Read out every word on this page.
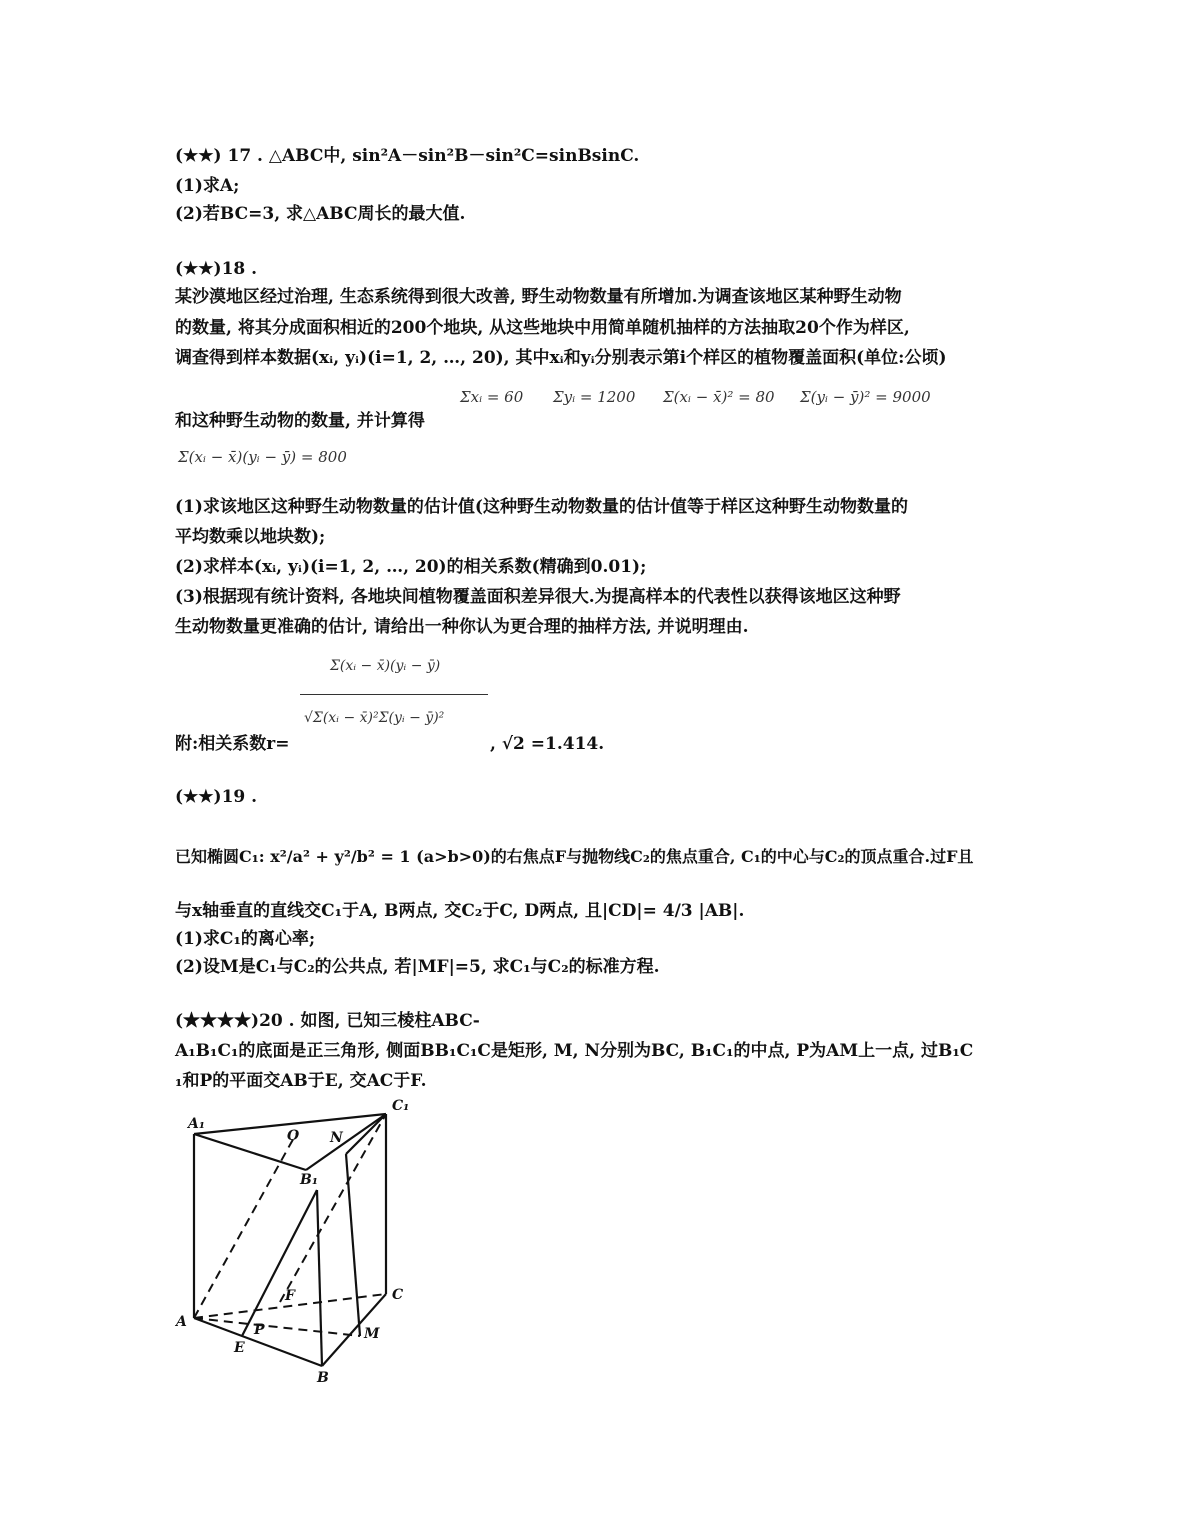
(★★) 17 . △ABC中, sin²A－sin²B－sin²C=sinBsinC.
(1)求A;
(2)若BC=3, 求△ABC周长的最大值.
(★★)18 .
某沙漠地区经过治理, 生态系统得到很大改善, 野生动物数量有所增加.为调查该地区某种野生动物
的数量, 将其分成面积相近的200个地块, 从这些地块中用简单随机抽样的方法抽取20个作为样区,
调查得到样本数据(xᵢ, yᵢ)(i=1, 2, …, 20), 其中xᵢ和yᵢ分别表示第i个样区的植物覆盖面积(单位:公顷)
和这种野生动物的数量, 并计算得
Σxᵢ = 60 Σyᵢ = 1200 Σ(xᵢ − x̄)² = 80 Σ(yᵢ − ȳ)² = 9000
Σ(xᵢ − x̄)(yᵢ − ȳ) = 800
(1)求该地区这种野生动物数量的估计值(这种野生动物数量的估计值等于样区这种野生动物数量的
平均数乘以地块数);
(2)求样本(xᵢ, yᵢ)(i=1, 2, …, 20)的相关系数(精确到0.01);
(3)根据现有统计资料, 各地块间植物覆盖面积差异很大.为提高样本的代表性以获得该地区这种野
生动物数量更准确的估计, 请给出一种你认为更合理的抽样方法, 并说明理由.
Σ(xᵢ − x̄)(yᵢ − ȳ)
√Σ(xᵢ − x̄)²Σ(yᵢ − ȳ)²
附:相关系数r=	, √2 =1.414.
(★★)19 .
已知椭圆C₁: x²/a² + y²/b² = 1 (a>b>0)的右焦点F与抛物线C₂的焦点重合, C₁的中心与C₂的顶点重合.过F且
与x轴垂直的直线交C₁于A, B两点, 交C₂于C, D两点, 且|CD|= 4/3 |AB|.
(1)求C₁的离心率;
(2)设M是C₁与C₂的公共点, 若|MF|=5, 求C₁与C₂的标准方程.
(★★★★)20 . 如图, 已知三棱柱ABC-
A₁B₁C₁的底面是正三角形, 侧面BB₁C₁C是矩形, M, N分别为BC, B₁C₁的中点, P为AM上一点, 过B₁C
₁和P的平面交AB于E, 交AC于F.
A₁
O N
C₁
B₁
F	C
A	P	M
E
B
